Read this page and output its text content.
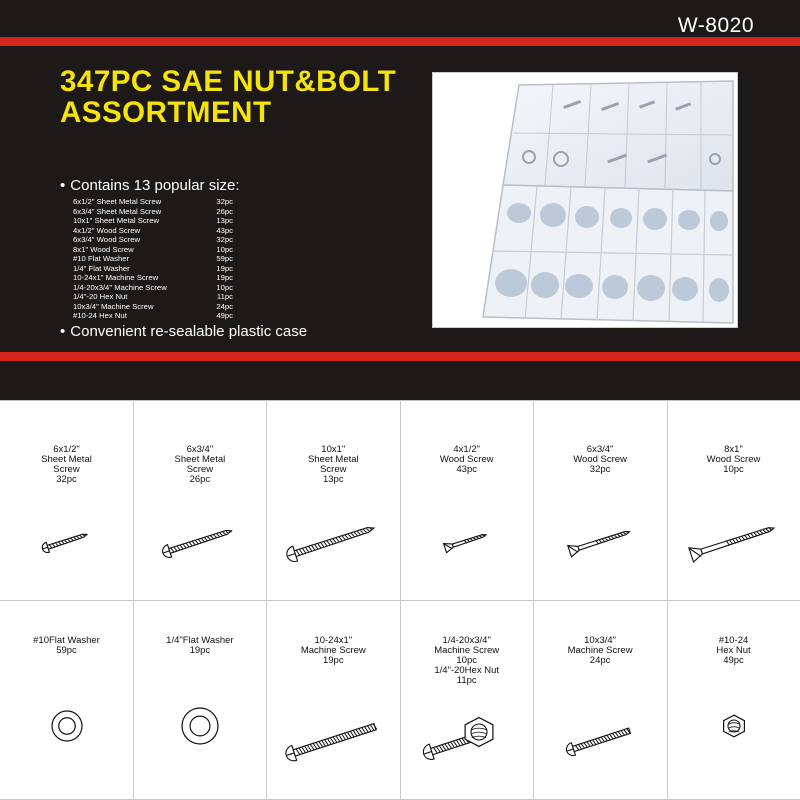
W-8020
347PC SAE NUT&BOLT
ASSORTMENT
• Contains 13 popular size:
6x1/2" Sheet Metal Screw	32pc
6x3/4" Sheet Metal Screw	26pc
10x1" Sheet Metal Screw	13pc
4x1/2" Wood Screw	43pc
6x3/4" Wood Screw	32pc
8x1" Wood Screw	10pc
#10 Flat Washer	59pc
1/4" Flat Washer	19pc
10-24x1" Machine Screw	19pc
1/4-20x3/4" Machine Screw	10pc
1/4"-20 Hex Nut	11pc
10x3/4" Machine Screw	24pc
#10-24 Hex Nut	49pc
• Convenient re-sealable plastic case
6x1/2"
Sheet Metal
Screw
32pc
6x3/4"
Sheet Metal
Screw
26pc
10x1"
Sheet Metal
Screw
13pc
4x1/2"
Wood Screw
43pc
6x3/4"
Wood Screw
32pc
8x1"
Wood Screw
10pc
#10Flat Washer
59pc
1/4"Flat Washer
19pc
10-24x1"
Machine Screw
19pc
1/4-20x3/4"
Machine Screw
10pc
1/4"-20Hex Nut
11pc
10x3/4"
Machine Screw
24pc
#10-24
Hex Nut
49pc
